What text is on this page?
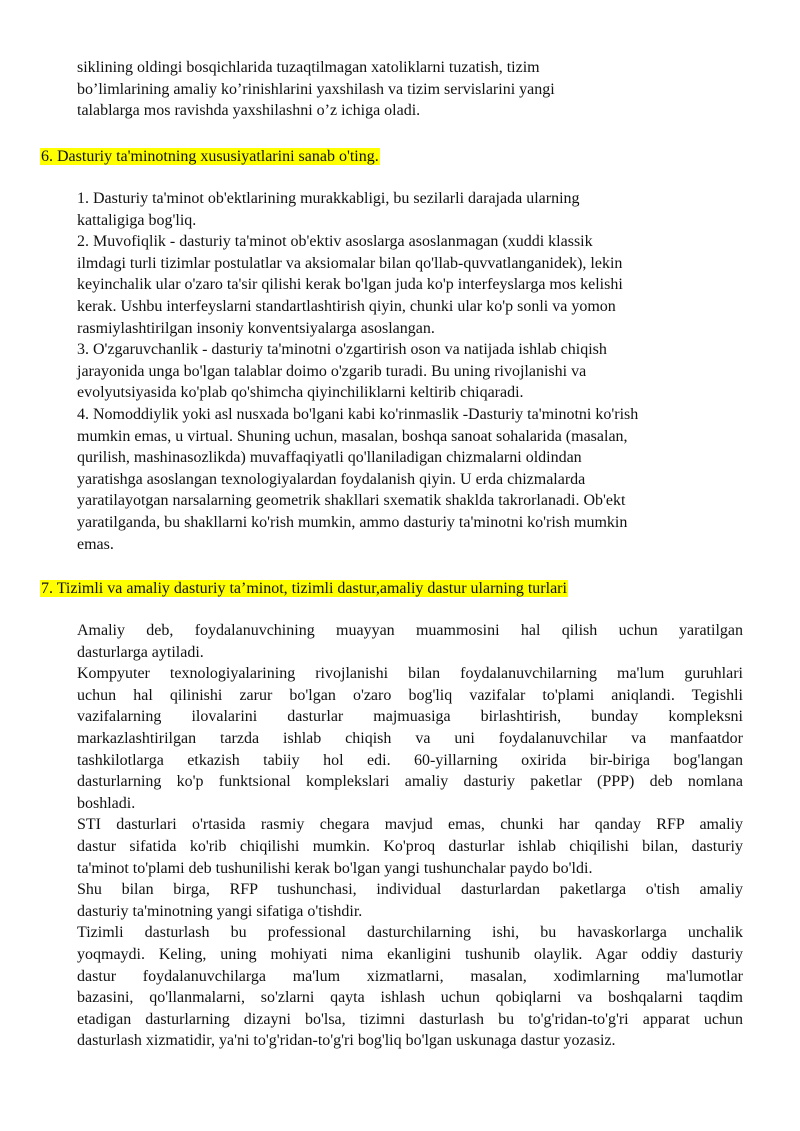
siklining oldingi bosqichlarida tuzaqtilmagan xatoliklarni tuzatish, tizim
bo’limlarining amaliy ko’rinishlarini yaxshilash va tizim servislarini yangi
talablarga mos ravishda yaxshilashni o’z ichiga oladi.
6. Dasturiy ta'minotning xususiyatlarini sanab o'ting.
1. Dasturiy ta'minot ob'ektlarining murakkabligi, bu sezilarli darajada ularning
kattaligiga bog'liq.
2. Muvofiqlik - dasturiy ta'minot ob'ektiv asoslarga asoslanmagan (xuddi klassik
ilmdagi turli tizimlar postulatlar va aksiomalar bilan qo'llab-quvvatlanganidek), lekin
keyinchalik ular o'zaro ta'sir qilishi kerak bo'lgan juda ko'p interfeyslarga mos kelishi
kerak. Ushbu interfeyslarni standartlashtirish qiyin, chunki ular ko'p sonli va yomon
rasmiylashtirilgan insoniy konventsiyalarga asoslangan.
3. O'zgaruvchanlik - dasturiy ta'minotni o'zgartirish oson va natijada ishlab chiqish
jarayonida unga bo'lgan talablar doimo o'zgarib turadi. Bu uning rivojlanishi va
evolyutsiyasida ko'plab qo'shimcha qiyinchiliklarni keltirib chiqaradi.
4. Nomoddiylik yoki asl nusxada bo'lgani kabi ko'rinmaslik -Dasturiy ta'minotni ko'rish
mumkin emas, u virtual. Shuning uchun, masalan, boshqa sanoat sohalarida (masalan,
qurilish, mashinasozlikda) muvaffaqiyatli qo'llaniladigan chizmalarni oldindan
yaratishga asoslangan texnologiyalardan foydalanish qiyin. U erda chizmalarda
yaratilayotgan narsalarning geometrik shakllari sxematik shaklda takrorlanadi. Ob'ekt
yaratilganda, bu shakllarni ko'rish mumkin, ammo dasturiy ta'minotni ko'rish mumkin
emas.
7. Tizimli va amaliy dasturiy ta’minot, tizimli dastur,amaliy dastur ularning turlari
Amaliy deb, foydalanuvchining muayyan muammosini hal qilish uchun yaratilgan
dasturlarga aytiladi.
Kompyuter texnologiyalarining rivojlanishi bilan foydalanuvchilarning ma'lum guruhlari
uchun hal qilinishi zarur bo'lgan o'zaro bog'liq vazifalar to'plami aniqlandi. Tegishli
vazifalarning ilovalarini dasturlar majmuasiga birlashtirish, bunday kompleksni
markazlashtirilgan tarzda ishlab chiqish va uni foydalanuvchilar va manfaatdor
tashkilotlarga etkazish tabiiy hol edi. 60-yillarning oxirida bir-biriga bog'langan
dasturlarning ko'p funktsional komplekslari amaliy dasturiy paketlar (PPP) deb nomlana
boshladi.
STI dasturlari o'rtasida rasmiy chegara mavjud emas, chunki har qanday RFP amaliy
dastur sifatida ko'rib chiqilishi mumkin. Ko'proq dasturlar ishlab chiqilishi bilan, dasturiy
ta'minot to'plami deb tushunilishi kerak bo'lgan yangi tushunchalar paydo bo'ldi.
Shu bilan birga, RFP tushunchasi, individual dasturlardan paketlarga o'tish amaliy
dasturiy ta'minotning yangi sifatiga o'tishdir.
Tizimli dasturlash bu professional dasturchilarning ishi, bu havaskorlarga unchalik
yoqmaydi. Keling, uning mohiyati nima ekanligini tushunib olaylik. Agar oddiy dasturiy
dastur foydalanuvchilarga ma'lum xizmatlarni, masalan, xodimlarning ma'lumotlar
bazasini, qo'llanmalarni, so'zlarni qayta ishlash uchun qobiqlarni va boshqalarni taqdim
etadigan dasturlarning dizayni bo'lsa, tizimni dasturlash bu to'g'ridan-to'g'ri apparat uchun
dasturlash xizmatidir, ya'ni to'g'ridan-to'g'ri bog'liq bo'lgan uskunaga dastur yozasiz.
